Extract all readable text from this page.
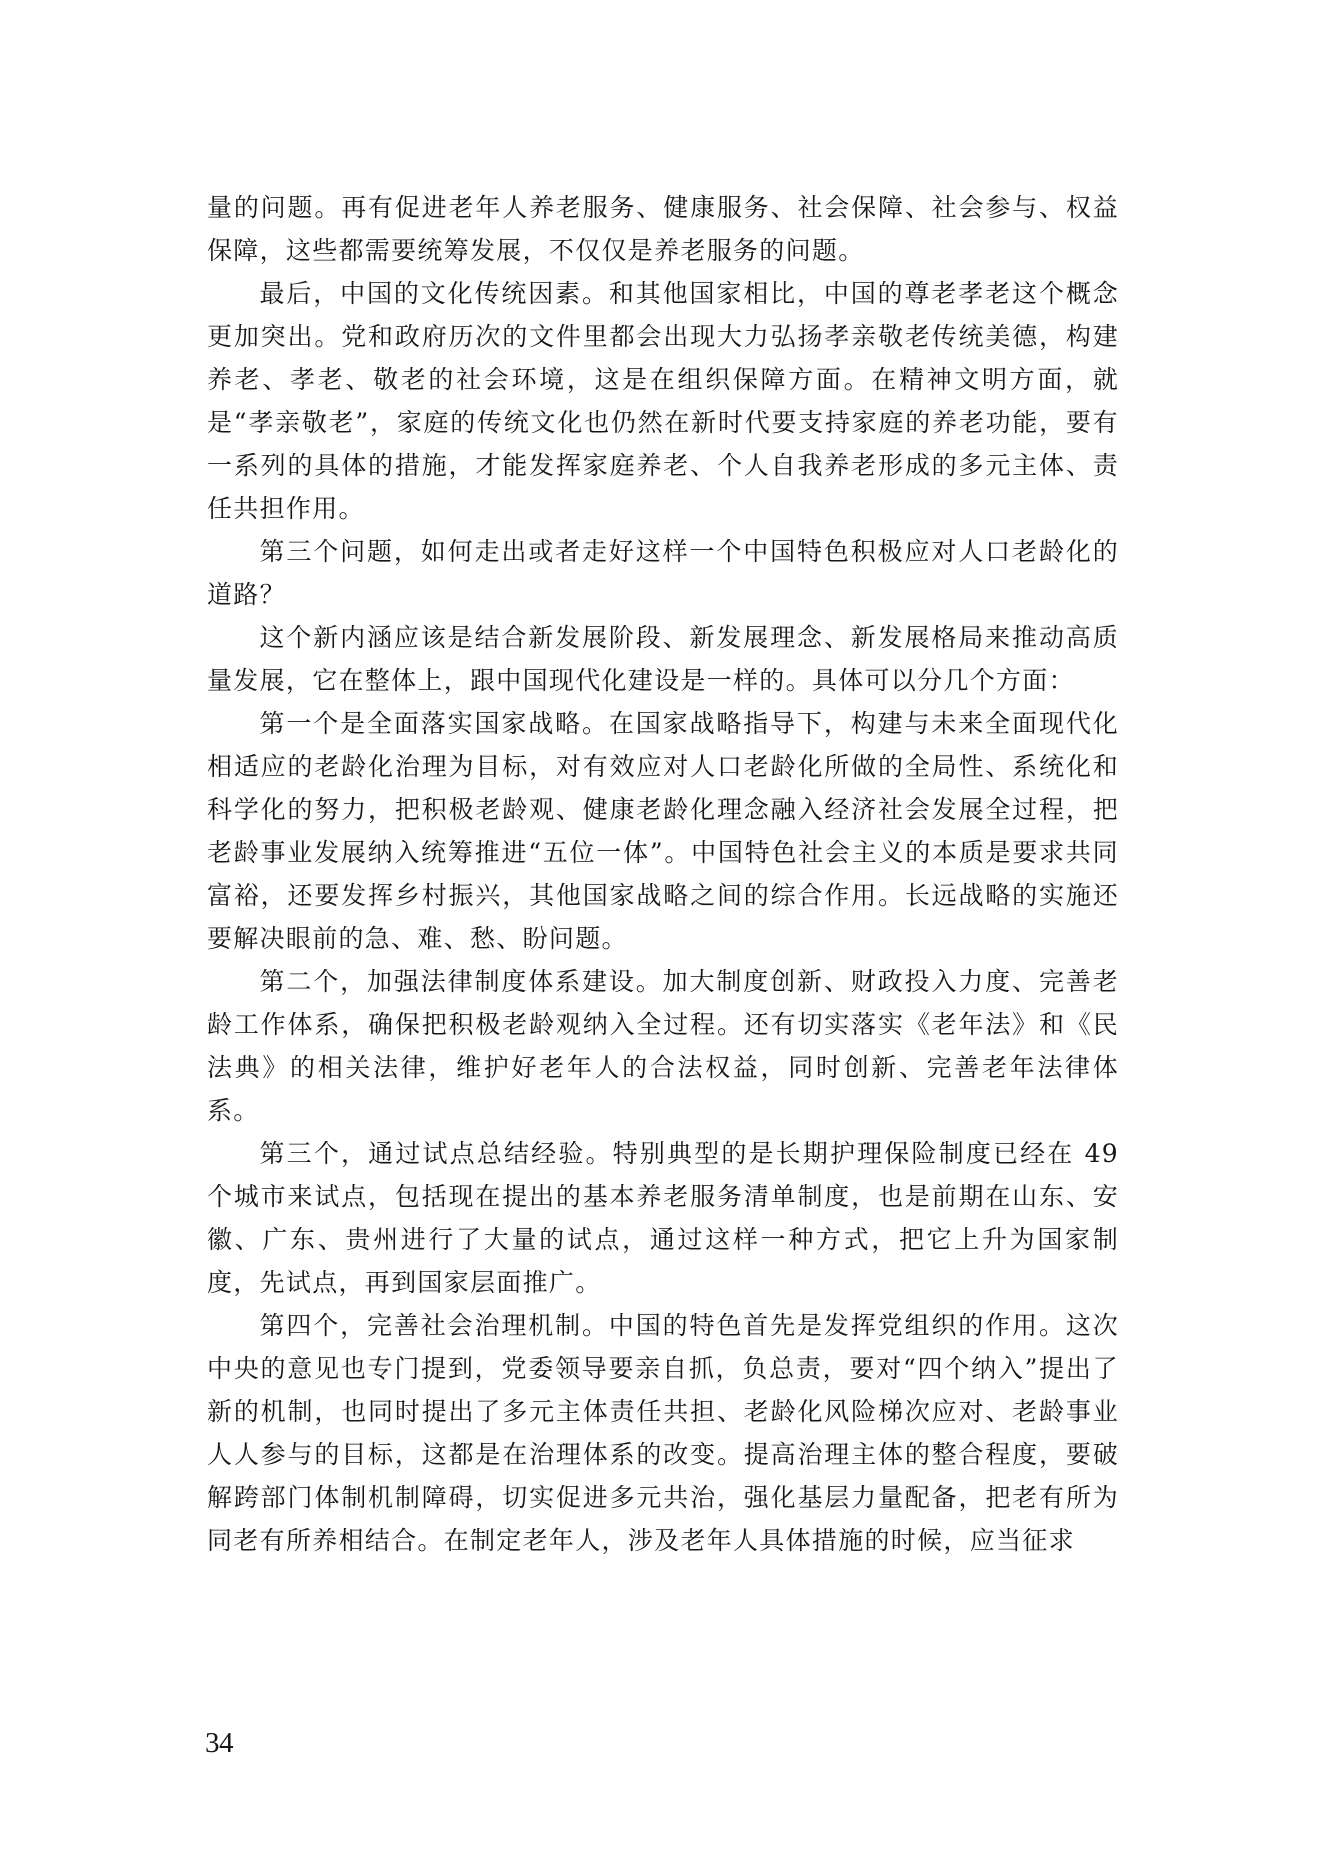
量的问题。再有促进老年人养老服务、健康服务、社会保障、社会参与、权益保障，这些都需要统筹发展，不仅仅是养老服务的问题。

最后，中国的文化传统因素。和其他国家相比，中国的尊老孝老这个概念更加突出。党和政府历次的文件里都会出现大力弘扬孝亲敬老传统美德，构建养老、孝老、敬老的社会环境，这是在组织保障方面。在精神文明方面，就是“孝亲敬老”，家庭的传统文化也仍然在新时代要支持家庭的养老功能，要有一系列的具体的措施，才能发挥家庭养老、个人自我养老形成的多元主体、责任共担作用。

第三个问题，如何走出或者走好这样一个中国特色积极应对人口老龄化的道路？

这个新内涵应该是结合新发展阶段、新发展理念、新发展格局来推动高质量发展，它在整体上，跟中国现代化建设是一样的。具体可以分几个方面：

第一个是全面落实国家战略。在国家战略指导下，构建与未来全面现代化相适应的老龄化治理为目标，对有效应对人口老龄化所做的全局性、系统化和科学化的努力，把积极老龄观、健康老龄化理念融入经济社会发展全过程，把老龄事业发展纳入统筹推进“五位一体”。中国特色社会主义的本质是要求共同富裕，还要发挥乡村振兴，其他国家战略之间的综合作用。长远战略的实施还要解决眼前的急、难、愁、盼问题。

第二个，加强法律制度体系建设。加大制度创新、财政投入力度、完善老龄工作体系，确保把积极老龄观纳入全过程。还有切实落实《老年法》和《民法典》的相关法律，维护好老年人的合法权益，同时创新、完善老年法律体系。

第三个，通过试点总结经验。特别典型的是长期护理保险制度已经在 49 个城市来试点，包括现在提出的基本养老服务清单制度，也是前期在山东、安徽、广东、贵州进行了大量的试点，通过这样一种方式，把它上升为国家制度，先试点，再到国家层面推广。

第四个，完善社会治理机制。中国的特色首先是发挥党组织的作用。这次中央的意见也专门提到，党委领导要亲自抓，负总责，要对“四个纳入”提出了新的机制，也同时提出了多元主体责任共担、老龄化风险梯次应对、老龄事业人人参与的目标，这都是在治理体系的改变。提高治理主体的整合程度，要破解跨部门体制机制障碍，切实促进多元共治，强化基层力量配备，把老有所为同老有所养相结合。在制定老年人，涉及老年人具体措施的时候，应当征求

34
